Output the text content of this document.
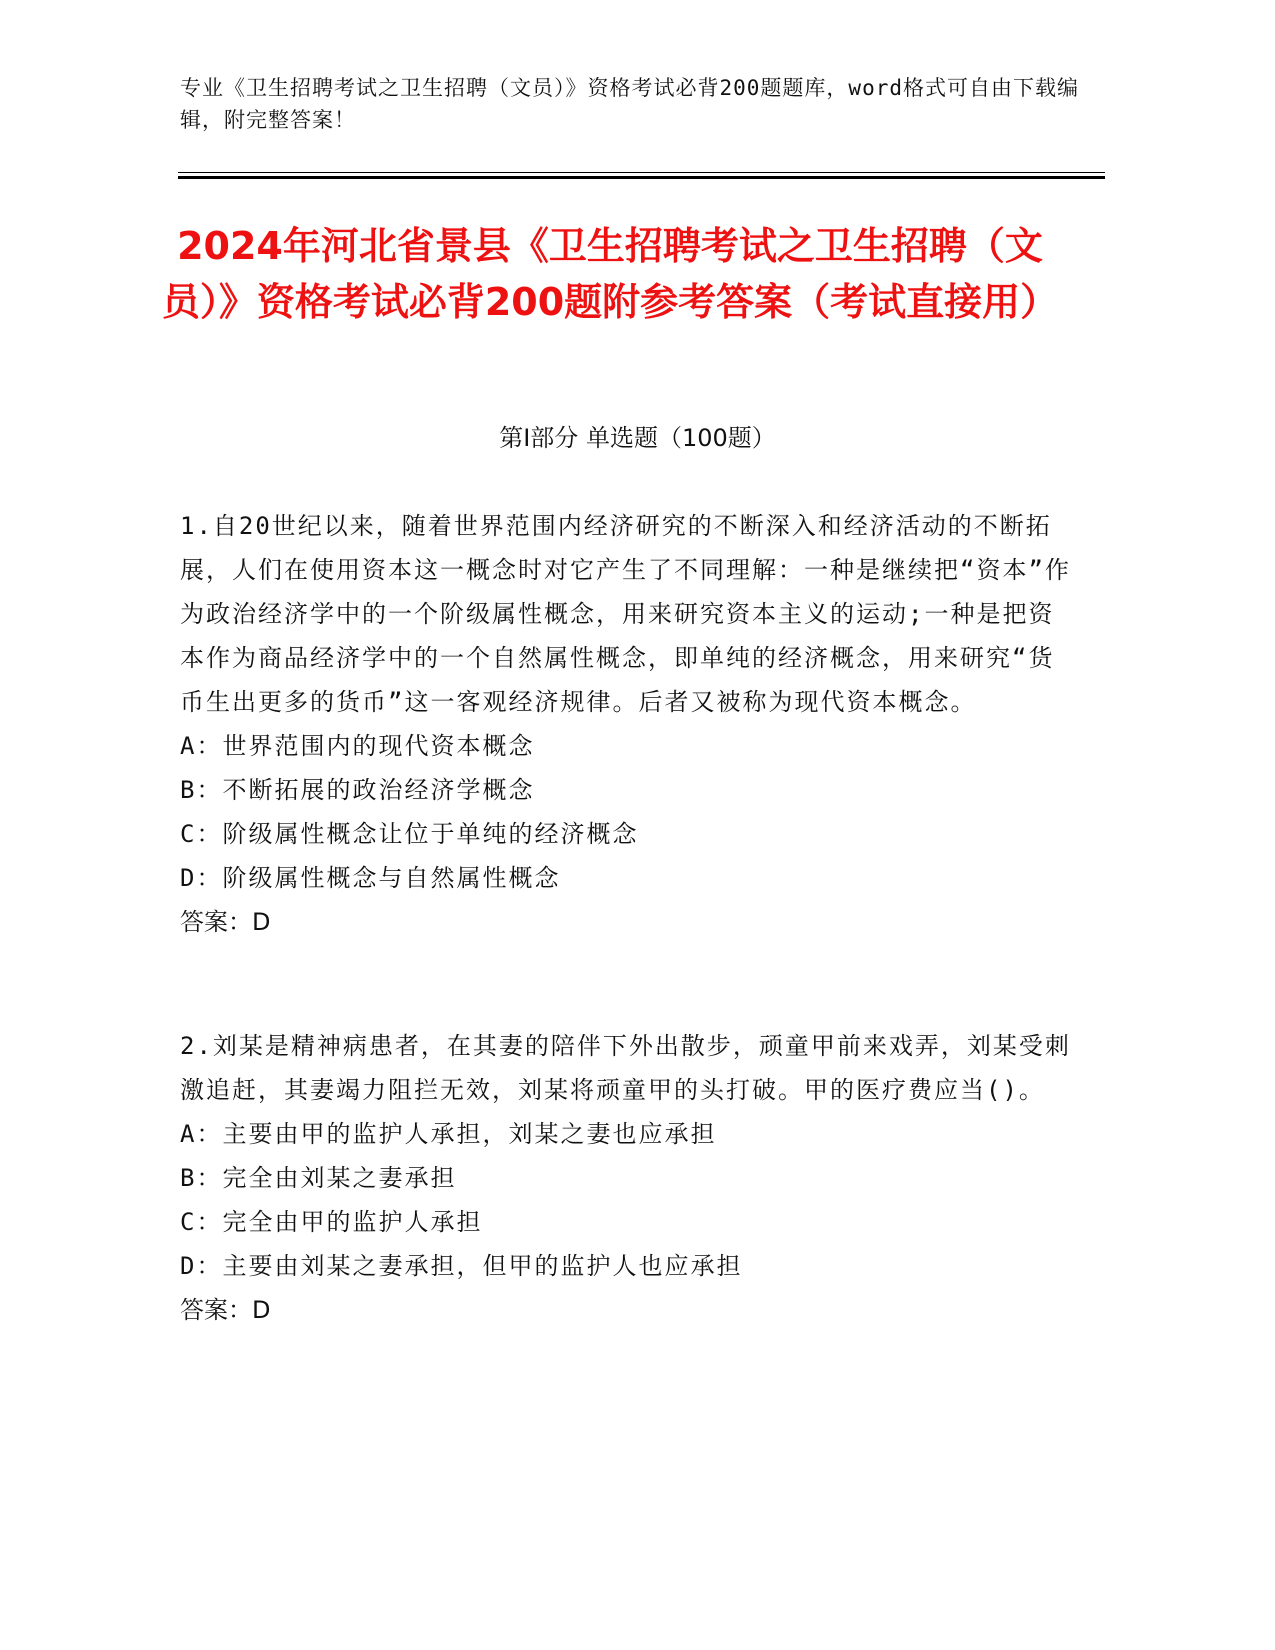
专业《卫生招聘考试之卫生招聘（文员）》资格考试必背200题题库，word格式可自由下载编辑，附完整答案！
2024年河北省景县《卫生招聘考试之卫生招聘（文员）》资格考试必背200题附参考答案（考试直接用）
第Ⅰ部分 单选题（100题）
1.自20世纪以来，随着世界范围内经济研究的不断深入和经济活动的不断拓展，人们在使用资本这一概念时对它产生了不同理解：一种是继续把“资本”作为政治经济学中的一个阶级属性概念，用来研究资本主义的运动;一种是把资本作为商品经济学中的一个自然属性概念，即单纯的经济概念，用来研究“货币生出更多的货币”这一客观经济规律。后者又被称为现代资本概念。
A：世界范围内的现代资本概念
B：不断拓展的政治经济学概念
C：阶级属性概念让位于单纯的经济概念
D：阶级属性概念与自然属性概念
答案：D
2.刘某是精神病患者，在其妻的陪伴下外出散步，顽童甲前来戏弄，刘某受刺激追赶，其妻竭力阻拦无效，刘某将顽童甲的头打破。甲的医疗费应当()。
A：主要由甲的监护人承担，刘某之妻也应承担
B：完全由刘某之妻承担
C：完全由甲的监护人承担
D：主要由刘某之妻承担，但甲的监护人也应承担
答案：D
